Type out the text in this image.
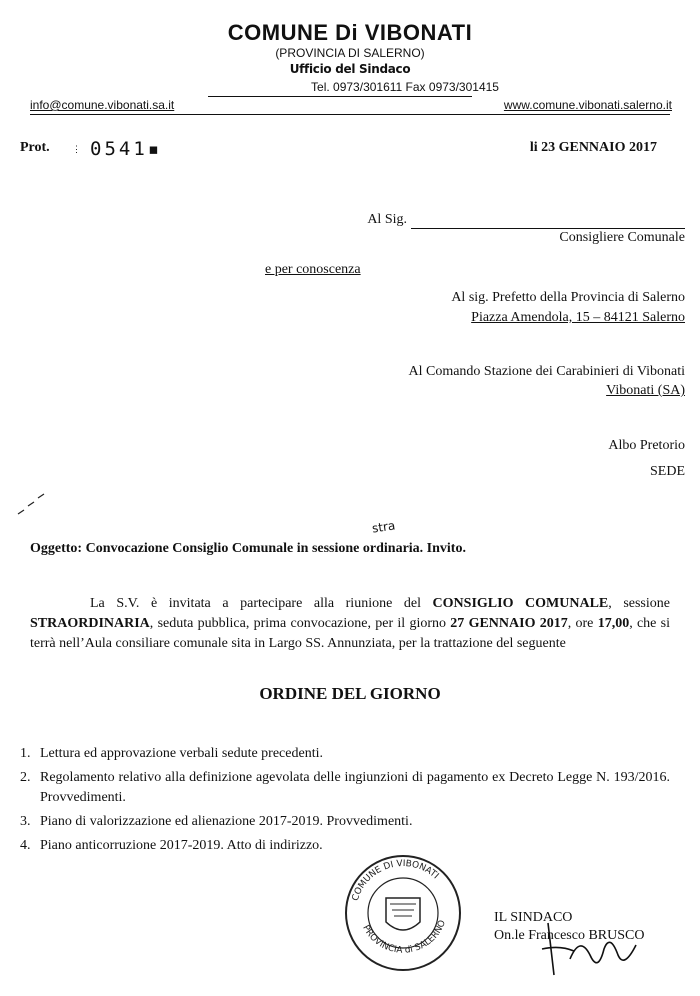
COMUNE Di VIBONATI
(PROVINCIA DI SALERNO)
Ufficio del Sindaco
Tel. 0973/301611 Fax 0973/301415
info@comune.vibonati.sa.it	www.comune.vibonati.salerno.it
Prot. ⋮ 0541▪	li 23 GENNAIO 2017
Al Sig.
Consigliere Comunale
e per conoscenza
Al sig. Prefetto della Provincia di Salerno
Piazza Amendola, 15 – 84121 Salerno
Al Comando Stazione dei Carabinieri di Vibonati
Vibonati (SA)
Albo Pretorio
SEDE
stra
Oggetto: Convocazione Consiglio Comunale in sessione ordinaria. Invito.
La S.V. è invitata a partecipare alla riunione del CONSIGLIO COMUNALE, sessione STRAORDINARIA, seduta pubblica, prima convocazione, per il giorno 27 GENNAIO 2017, ore 17,00, che si terrà nell’Aula consiliare comunale sita in Largo SS. Annunziata, per la trattazione del seguente
ORDINE DEL GIORNO
1. Lettura ed approvazione verbali sedute precedenti.
2. Regolamento relativo alla definizione agevolata delle ingiunzioni di pagamento ex Decreto Legge N. 193/2016. Provvedimenti.
3. Piano di valorizzazione ed alienazione 2017-2019. Provvedimenti.
4. Piano anticorruzione 2017-2019. Atto di indirizzo.
COMUNE DI VIBONATI
PROVINCIA di SALERNO	IL SINDACO
On.le Francesco BRUSCO
